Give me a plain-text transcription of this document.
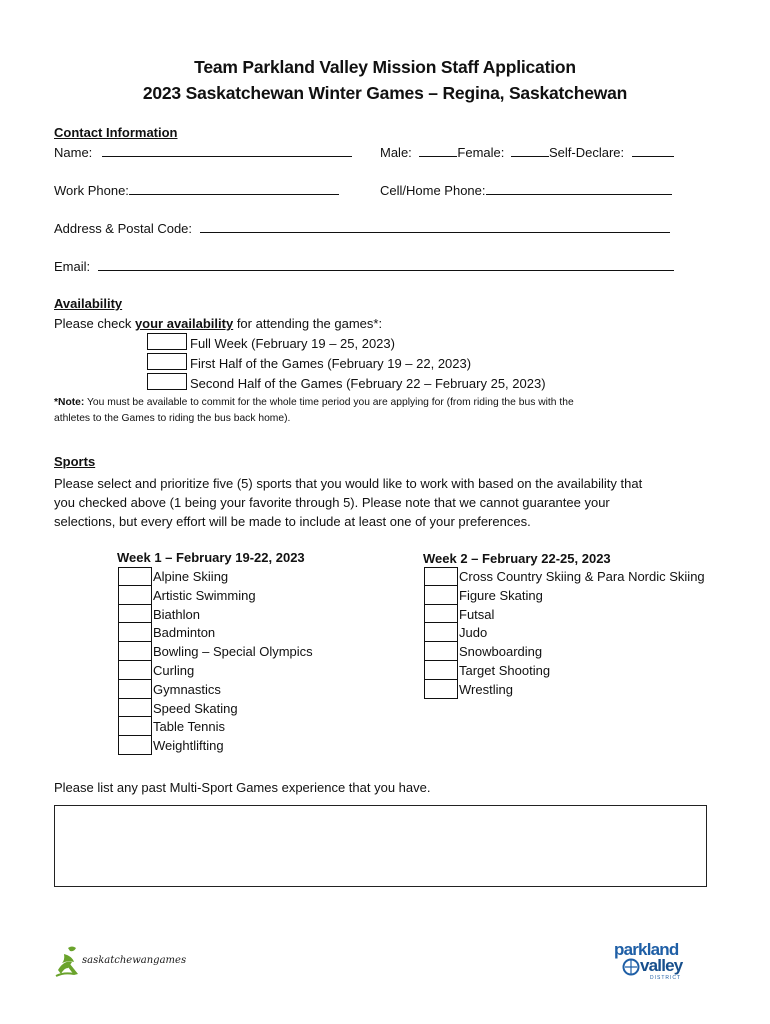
Team Parkland Valley Mission Staff Application
2023 Saskatchewan Winter Games – Regina, Saskatchewan
Contact Information
Name:	Male:	Female:	Self-Declare:
Work Phone:	Cell/Home Phone:
Address & Postal Code:
Email:
Availability
Please check your availability for attending the games*:
Full Week (February 19 – 25, 2023)
First Half of the Games (February 19 – 22, 2023)
Second Half of the Games (February 22 – February 25, 2023)
*Note: You must be available to commit for the whole time period you are applying for (from riding the bus with the
athletes to the Games to riding the bus back home).
Sports
Please select and prioritize five (5) sports that you would like to work with based on the availability that
you checked above (1 being your favorite through 5). Please note that we cannot guarantee your
selections, but every effort will be made to include at least one of your preferences.
Week 1 – February 19-22, 2023
Alpine Skiing
Artistic Swimming
Biathlon
Badminton
Bowling – Special Olympics
Curling
Gymnastics
Speed Skating
Table Tennis
Weightlifting
Week 2 – February 22-25, 2023
Cross Country Skiing & Para Nordic Skiing
Figure Skating
Futsal
Judo
Snowboarding
Target Shooting
Wrestling
Please list any past Multi-Sport Games experience that you have.
saskatchewangames
parkland
valley
DISTRICT
